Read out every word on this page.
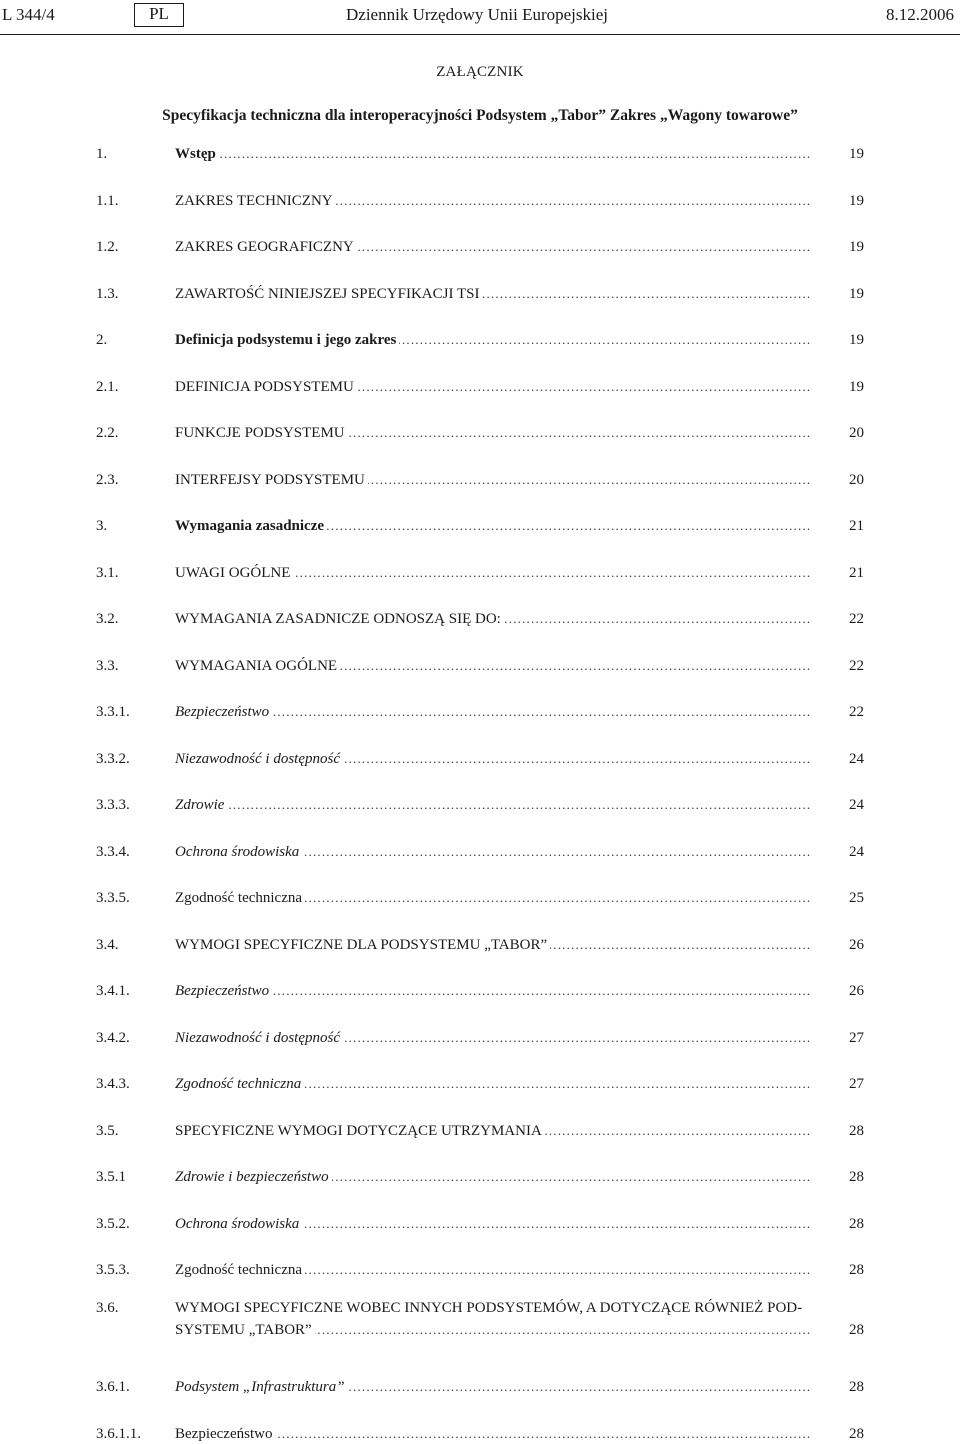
L 344/4	PL	Dziennik Urzędowy Unii Europejskiej	8.12.2006
ZAŁĄCZNIK
Specyfikacja techniczna dla interoperacyjności Podsystem „Tabor” Zakres „Wagony towarowe”
1.	Wstęp .....	19
1.1.	ZAKRES TECHNICZNY .....	19
1.2.	ZAKRES GEOGRAFICZNY .....	19
1.3.	ZAWARTOŚĆ NINIEJSZEJ SPECYFIKACJI TSI .....	19
2.	Definicja podsystemu i jego zakres .....	19
2.1.	DEFINICJA PODSYSTEMU .....	19
2.2.	FUNKCJE PODSYSTEMU .....	20
2.3.	INTERFEJSY PODSYSTEMU .....	20
3.	Wymagania zasadnicze .....	21
3.1.	UWAGI OGÓLNE .....	21
3.2.	WYMAGANIA ZASADNICZE ODNOSZĄ SIĘ DO: .....	22
3.3.	WYMAGANIA OGÓLNE .....	22
3.3.1.	Bezpieczeństwo .....	22
3.3.2.	Niezawodność i dostępność .....	24
3.3.3.	Zdrowie .....	24
3.3.4.	Ochrona środowiska .....	24
3.3.5.	Zgodność techniczna .....	25
3.4.	WYMOGI SPECYFICZNE DLA PODSYSTEMU „TABOR” .....	26
3.4.1.	Bezpieczeństwo .....	26
3.4.2.	Niezawodność i dostępność .....	27
3.4.3.	Zgodność techniczna .....	27
3.5.	SPECYFICZNE WYMOGI DOTYCZĄCE UTRZYMANIA .....	28
3.5.1	Zdrowie i bezpieczeństwo .....	28
3.5.2.	Ochrona środowiska .....	28
3.5.3.	Zgodność techniczna .....	28
3.6.	WYMOGI SPECYFICZNE WOBEC INNYCH PODSYSTEMÓW, A DOTYCZĄCE RÓWNIEŻ POD-
SYSTEMU „TABOR” .....	28
3.6.1.	Podsystem „Infrastruktura” .....	28
3.6.1.1. Bezpieczeństwo .....	28
